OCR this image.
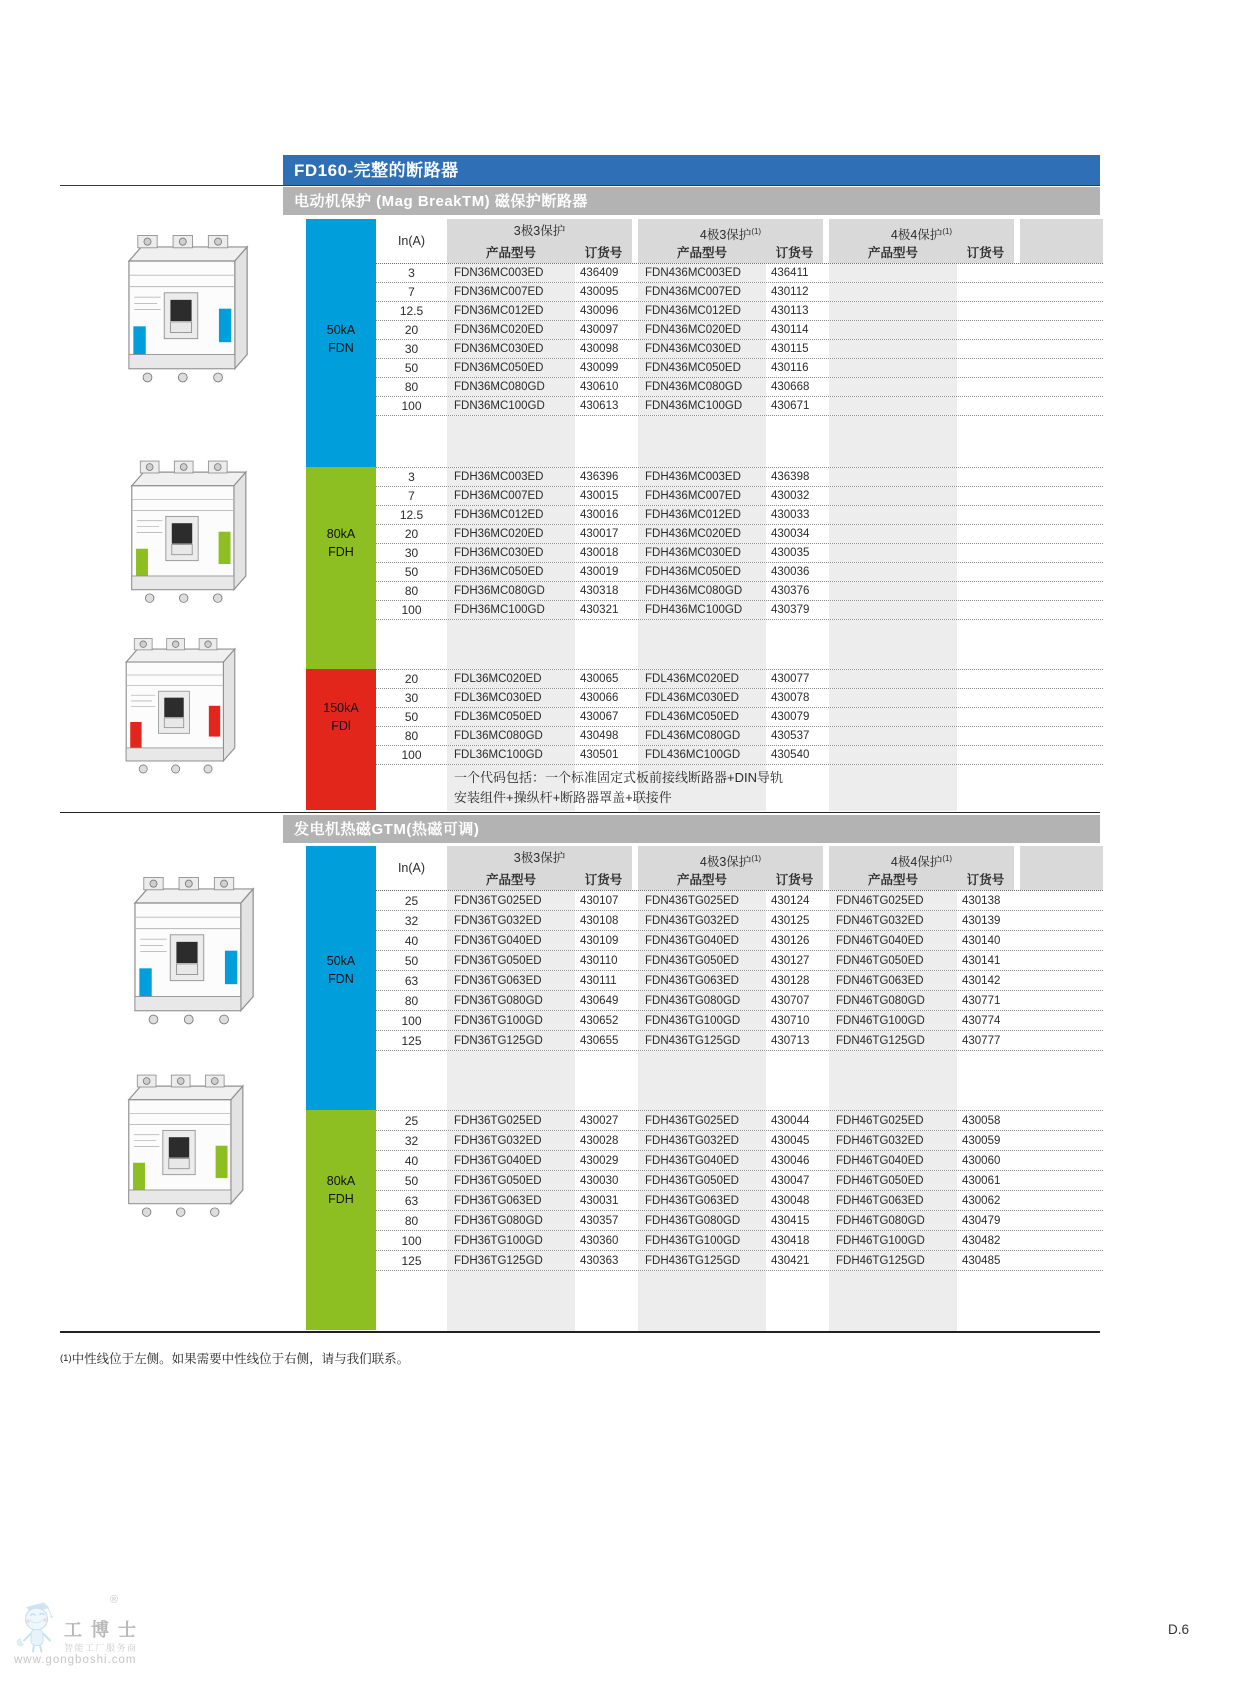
FD160-完整的断路器
电动机保护 (Mag BreakTM) 磁保护断路器
In(A)
3极3保护
产品型号	订货号
4极3保护$^{(1)}$
产品型号	订货号
4极4保护$^{(1)}$
产品型号	订货号
3	FDN36MC003ED	436409	FDN436MC003ED	436411
7	FDN36MC007ED	430095	FDN436MC007ED	430112
12.5	FDN36MC012ED	430096	FDN436MC012ED	430113
20	FDN36MC020ED	430097	FDN436MC020ED	430114
30	FDN36MC030ED	430098	FDN436MC030ED	430115
50	FDN36MC050ED	430099	FDN436MC050ED	430116
80	FDN36MC080GD	430610	FDN436MC080GD	430668
100	FDN36MC100GD	430613	FDN436MC100GD	430671
3	FDH36MC003ED	436396	FDH436MC003ED	436398
7	FDH36MC007ED	430015	FDH436MC007ED	430032
12.5	FDH36MC012ED	430016	FDH436MC012ED	430033
20	FDH36MC020ED	430017	FDH436MC020ED	430034
30	FDH36MC030ED	430018	FDH436MC030ED	430035
50	FDH36MC050ED	430019	FDH436MC050ED	430036
80	FDH36MC080GD	430318	FDH436MC080GD	430376
100	FDH36MC100GD	430321	FDH436MC100GD	430379
20	FDL36MC020ED	430065	FDL436MC020ED	430077
30	FDL36MC030ED	430066	FDL436MC030ED	430078
50	FDL36MC050ED	430067	FDL436MC050ED	430079
80	FDL36MC080GD	430498	FDL436MC080GD	430537
100	FDL36MC100GD	430501	FDL436MC100GD	430540
一个代码包括：一个标准固定式板前接线断路器+DIN导轨
安装组件+操纵杆+断路器罩盖+联接件
50kA
FDN
80kA
FDH
150kA
FDl
发电机热磁GTM(热磁可调)
In(A)
3极3保护
产品型号	订货号
4极3保护$^{(1)}$
产品型号	订货号
4极4保护$^{(1)}$
产品型号	订货号
25	FDN36TG025ED	430107	FDN436TG025ED	430124	FDN46TG025ED	430138
32	FDN36TG032ED	430108	FDN436TG032ED	430125	FDN46TG032ED	430139
40	FDN36TG040ED	430109	FDN436TG040ED	430126	FDN46TG040ED	430140
50	FDN36TG050ED	430110	FDN436TG050ED	430127	FDN46TG050ED	430141
63	FDN36TG063ED	430111	FDN436TG063ED	430128	FDN46TG063ED	430142
80	FDN36TG080GD	430649	FDN436TG080GD	430707	FDN46TG080GD	430771
100	FDN36TG100GD	430652	FDN436TG100GD	430710	FDN46TG100GD	430774
125	FDN36TG125GD	430655	FDN436TG125GD	430713	FDN46TG125GD	430777
25	FDH36TG025ED	430027	FDH436TG025ED	430044	FDH46TG025ED	430058
32	FDH36TG032ED	430028	FDH436TG032ED	430045	FDH46TG032ED	430059
40	FDH36TG040ED	430029	FDH436TG040ED	430046	FDH46TG040ED	430060
50	FDH36TG050ED	430030	FDH436TG050ED	430047	FDH46TG050ED	430061
63	FDH36TG063ED	430031	FDH436TG063ED	430048	FDH46TG063ED	430062
80	FDH36TG080GD	430357	FDH436TG080GD	430415	FDH46TG080GD	430479
100	FDH36TG100GD	430360	FDH436TG100GD	430418	FDH46TG100GD	430482
125	FDH36TG125GD	430363	FDH436TG125GD	430421	FDH46TG125GD	430485
50kA
FDN
80kA
FDH
(1)中性线位于左侧。如果需要中性线位于右侧，请与我们联系。
D.6
®
工博士
智能工厂服务商
www.gongboshi.com
